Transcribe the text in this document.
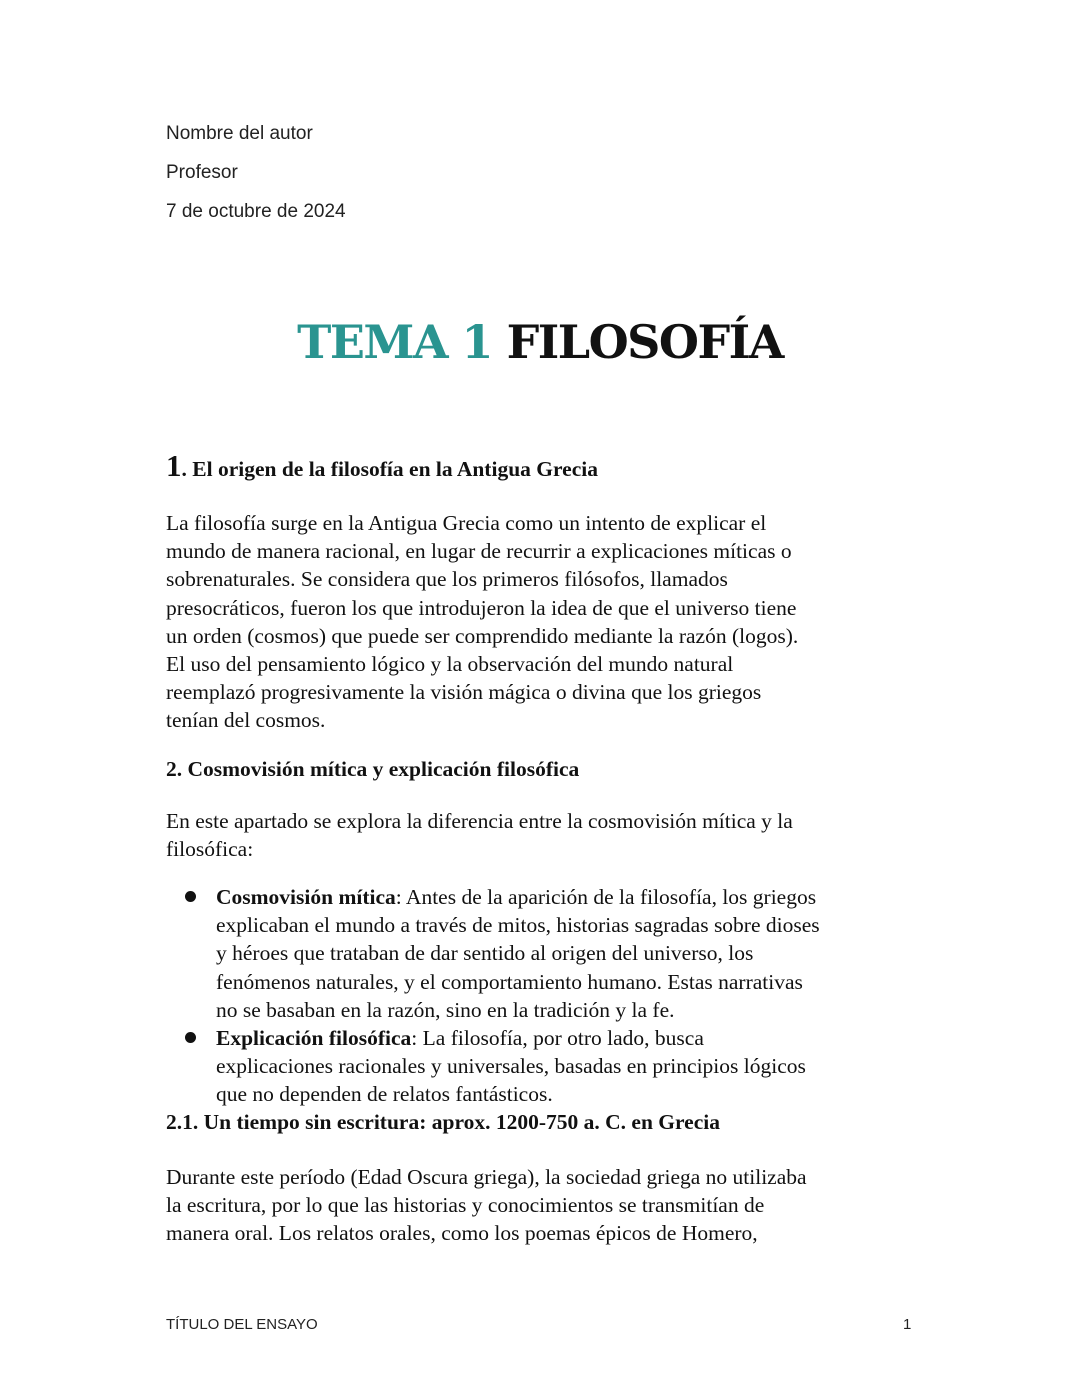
Nombre del autor
Profesor
7 de octubre de 2024
TEMA 1 FILOSOFÍA
1. El origen de la filosofía en la Antigua Grecia
La filosofía surge en la Antigua Grecia como un intento de explicar el
mundo de manera racional, en lugar de recurrir a explicaciones míticas o
sobrenaturales. Se considera que los primeros filósofos, llamados
presocráticos, fueron los que introdujeron la idea de que el universo tiene
un orden (cosmos) que puede ser comprendido mediante la razón (logos).
El uso del pensamiento lógico y la observación del mundo natural
reemplazó progresivamente la visión mágica o divina que los griegos
tenían del cosmos.
2. Cosmovisión mítica y explicación filosófica
En este apartado se explora la diferencia entre la cosmovisión mítica y la
filosófica:
Cosmovisión mítica: Antes de la aparición de la filosofía, los griegos
explicaban el mundo a través de mitos, historias sagradas sobre dioses
y héroes que trataban de dar sentido al origen del universo, los
fenómenos naturales, y el comportamiento humano. Estas narrativas
no se basaban en la razón, sino en la tradición y la fe.
Explicación filosófica: La filosofía, por otro lado, busca
explicaciones racionales y universales, basadas en principios lógicos
que no dependen de relatos fantásticos.
2.1. Un tiempo sin escritura: aprox. 1200-750 a. C. en Grecia
Durante este período (Edad Oscura griega), la sociedad griega no utilizaba
la escritura, por lo que las historias y conocimientos se transmitían de
manera oral. Los relatos orales, como los poemas épicos de Homero,
TÍTULO DEL ENSAYO	1
